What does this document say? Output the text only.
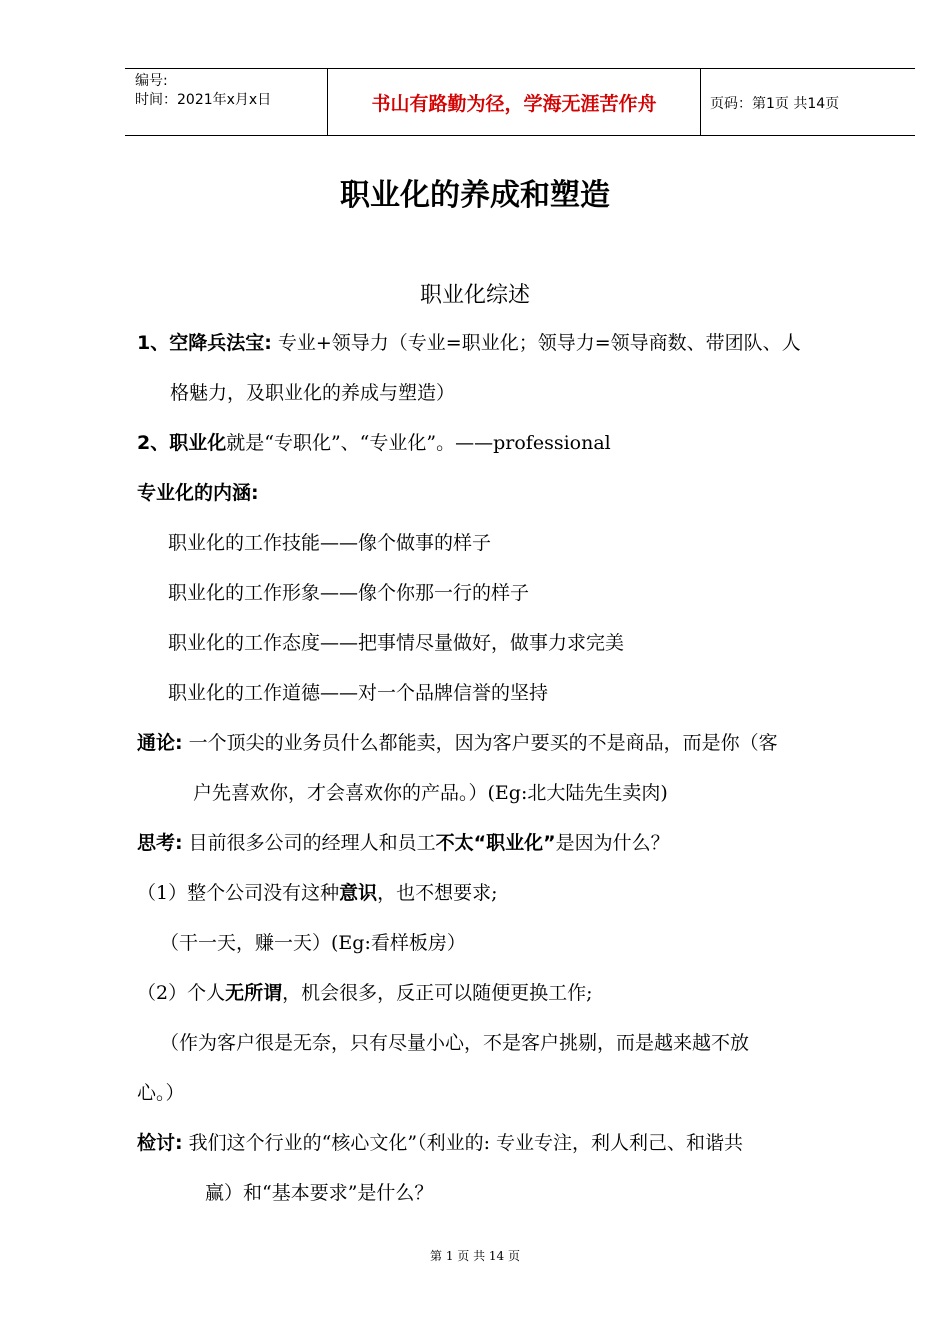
编号:
时间：2021年x月x日	书山有路勤为径，学海无涯苦作舟	页码：第1页 共14页
职业化的养成和塑造
职业化综述
1、空降兵法宝: 专业+领导力（专业=职业化；领导力=领导商数、带团队、人
格魅力，及职业化的养成与塑造）
2、职业化就是“专职化”、“专业化”。——professional
专业化的内涵:
职业化的工作技能——像个做事的样子
职业化的工作形象——像个你那一行的样子
职业化的工作态度——把事情尽量做好，做事力求完美
职业化的工作道德——对一个品牌信誉的坚持
通论: 一个顶尖的业务员什么都能卖，因为客户要买的不是商品，而是你（客
户先喜欢你，才会喜欢你的产品。）(Eg:北大陆先生卖肉)
思考: 目前很多公司的经理人和员工不太“职业化”是因为什么？
（1）整个公司没有这种意识，也不想要求;
（干一天，赚一天）(Eg:看样板房）
（2）个人无所谓，机会很多，反正可以随便更换工作;
（作为客户很是无奈，只有尽量小心，不是客户挑剔，而是越来越不放
心。）
检讨: 我们这个行业的“核心文化”（利业的: 专业专注，利人利己、和谐共
赢）和“基本要求”是什么？
第 1 页 共 14 页
